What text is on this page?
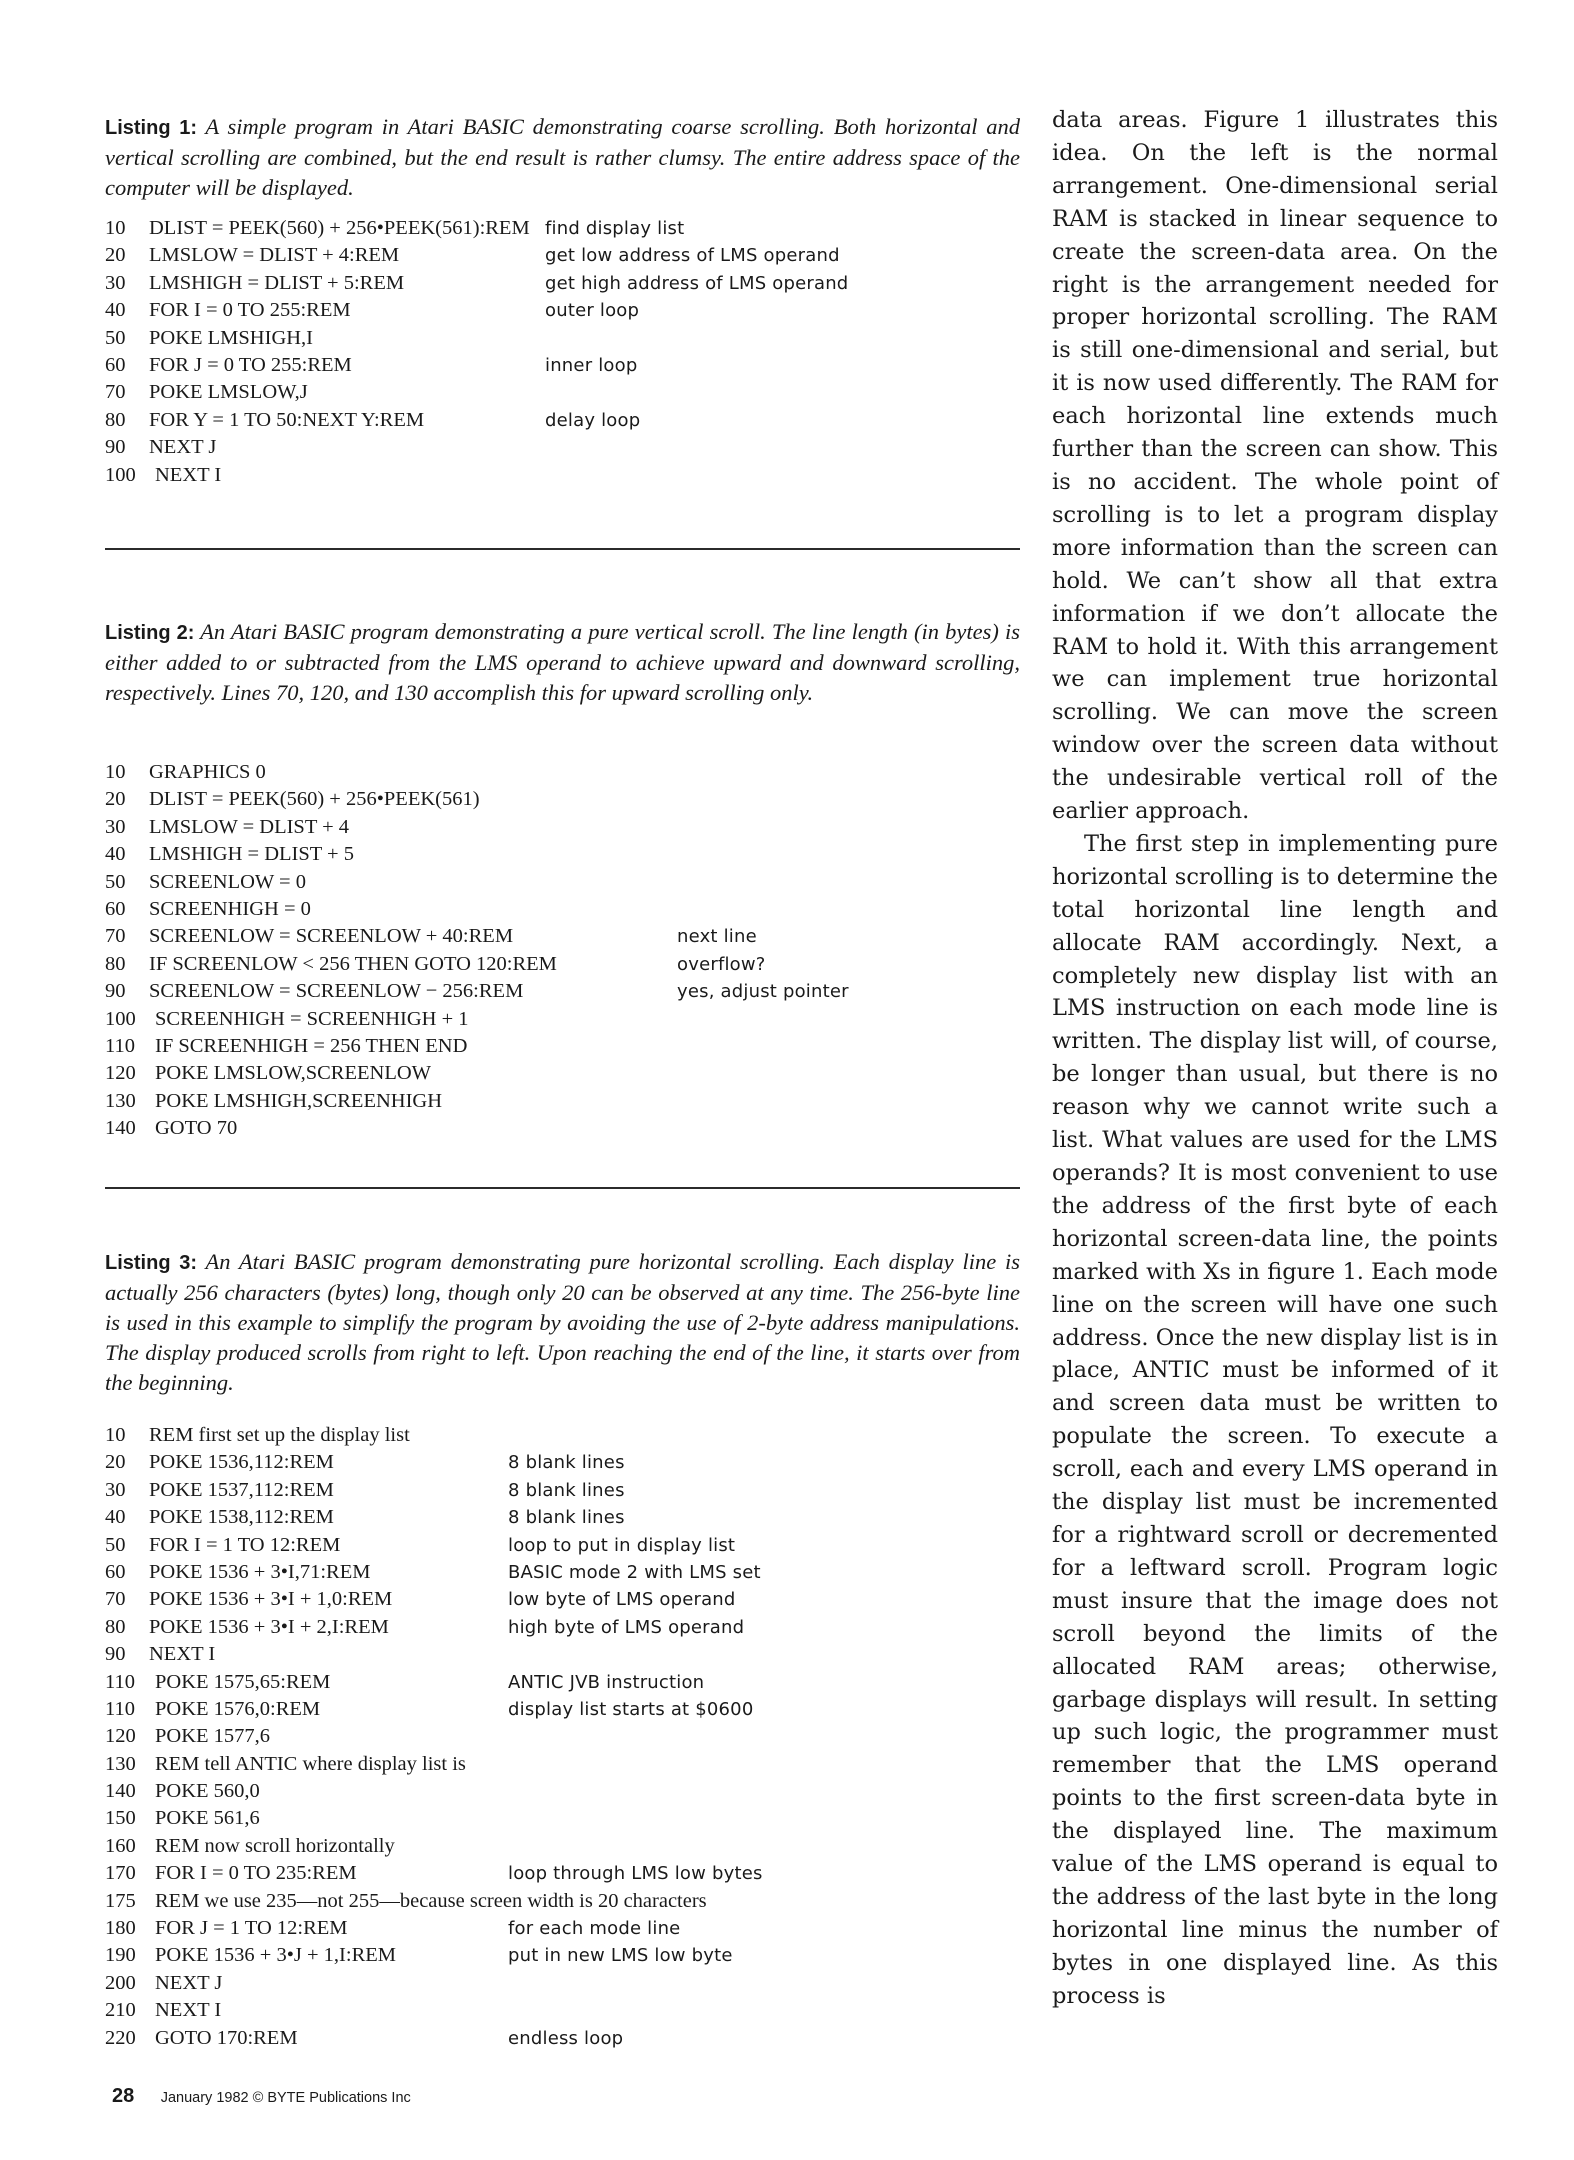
Listing 1: A simple program in Atari BASIC demonstrating coarse scrolling. Both horizontal and vertical scrolling are combined, but the end result is rather clumsy. The entire address space of the computer will be displayed.

10 DLIST = PEEK(560) + 256•PEEK(561):REM find display list
20 LMSLOW = DLIST + 4:REM	get low address of LMS operand
30 LMSHIGH = DLIST + 5:REM	get high address of LMS operand
40 FOR I = 0 TO 255:REM	outer loop
50 POKE LMSHIGH,I
60 FOR J = 0 TO 255:REM	inner loop
70 POKE LMSLOW,J
80 FOR Y = 1 TO 50:NEXT Y:REM	delay loop
90 NEXT J
100 NEXT I

Listing 2: An Atari BASIC program demonstrating a pure vertical scroll. The line length (in bytes) is either added to or subtracted from the LMS operand to achieve upward and downward scrolling, respectively. Lines 70, 120, and 130 accomplish this for upward scrolling only.

10 GRAPHICS 0
20 DLIST = PEEK(560) + 256•PEEK(561)
30 LMSLOW = DLIST + 4
40 LMSHIGH = DLIST + 5
50 SCREENLOW = 0
60 SCREENHIGH = 0
70 SCREENLOW = SCREENLOW + 40:REM	next line
80 IF SCREENLOW < 256 THEN GOTO 120:REM	overflow?
90 SCREENLOW = SCREENLOW − 256:REM	yes, adjust pointer
100 SCREENHIGH = SCREENHIGH + 1
110 IF SCREENHIGH = 256 THEN END
120 POKE LMSLOW,SCREENLOW
130 POKE LMSHIGH,SCREENHIGH
140 GOTO 70

Listing 3: An Atari BASIC program demonstrating pure horizontal scrolling. Each display line is actually 256 characters (bytes) long, though only 20 can be observed at any time. The 256-byte line is used in this example to simplify the program by avoiding the use of 2-byte address manipulations. The display produced scrolls from right to left. Upon reaching the end of the line, it starts over from the beginning.

10 REM first set up the display list
20 POKE 1536,112:REM	8 blank lines
30 POKE 1537,112:REM	8 blank lines
40 POKE 1538,112:REM	8 blank lines
50 FOR I = 1 TO 12:REM	loop to put in display list
60 POKE 1536 + 3•I,71:REM	BASIC mode 2 with LMS set
70 POKE 1536 + 3•I + 1,0:REM	low byte of LMS operand
80 POKE 1536 + 3•I + 2,I:REM	high byte of LMS operand
90 NEXT I
110 POKE 1575,65:REM	ANTIC JVB instruction
110 POKE 1576,0:REM	display list starts at $0600
120 POKE 1577,6
130 REM tell ANTIC where display list is
140 POKE 560,0
150 POKE 561,6
160 REM now scroll horizontally
170 FOR I = 0 TO 235:REM	loop through LMS low bytes
175 REM we use 235—not 255—because screen width is 20 characters
180 FOR J = 1 TO 12:REM	for each mode line
190 POKE 1536 + 3•J + 1,I:REM	put in new LMS low byte
200 NEXT J
210 NEXT I
220 GOTO 170:REM	endless loop

data areas. Figure 1 illustrates this idea. On the left is the normal arrangement. One-dimensional serial RAM is stacked in linear sequence to create the screen-data area. On the right is the arrangement needed for proper horizontal scrolling. The RAM is still one-dimensional and serial, but it is now used differently. The RAM for each horizontal line extends much further than the screen can show. This is no accident. The whole point of scrolling is to let a program display more information than the screen can hold. We can’t show all that extra information if we don’t allocate the RAM to hold it. With this arrangement we can implement true horizontal scrolling. We can move the screen window over the screen data without the undesirable vertical roll of the earlier approach.

The first step in implementing pure horizontal scrolling is to determine the total horizontal line length and allocate RAM accordingly. Next, a completely new display list with an LMS instruction on each mode line is written. The display list will, of course, be longer than usual, but there is no reason why we cannot write such a list. What values are used for the LMS operands? It is most convenient to use the address of the first byte of each horizontal screen-data line, the points marked with Xs in figure 1. Each mode line on the screen will have one such address. Once the new display list is in place, ANTIC must be informed of it and screen data must be written to populate the screen. To execute a scroll, each and every LMS operand in the display list must be incremented for a rightward scroll or decremented for a leftward scroll. Program logic must insure that the image does not scroll beyond the limits of the allocated RAM areas; otherwise, garbage displays will result. In setting up such logic, the programmer must remember that the LMS operand points to the first screen-data byte in the displayed line. The maximum value of the LMS operand is equal to the address of the last byte in the long horizontal line minus the number of bytes in one displayed line. As this process is

28 January 1982 © BYTE Publications Inc
